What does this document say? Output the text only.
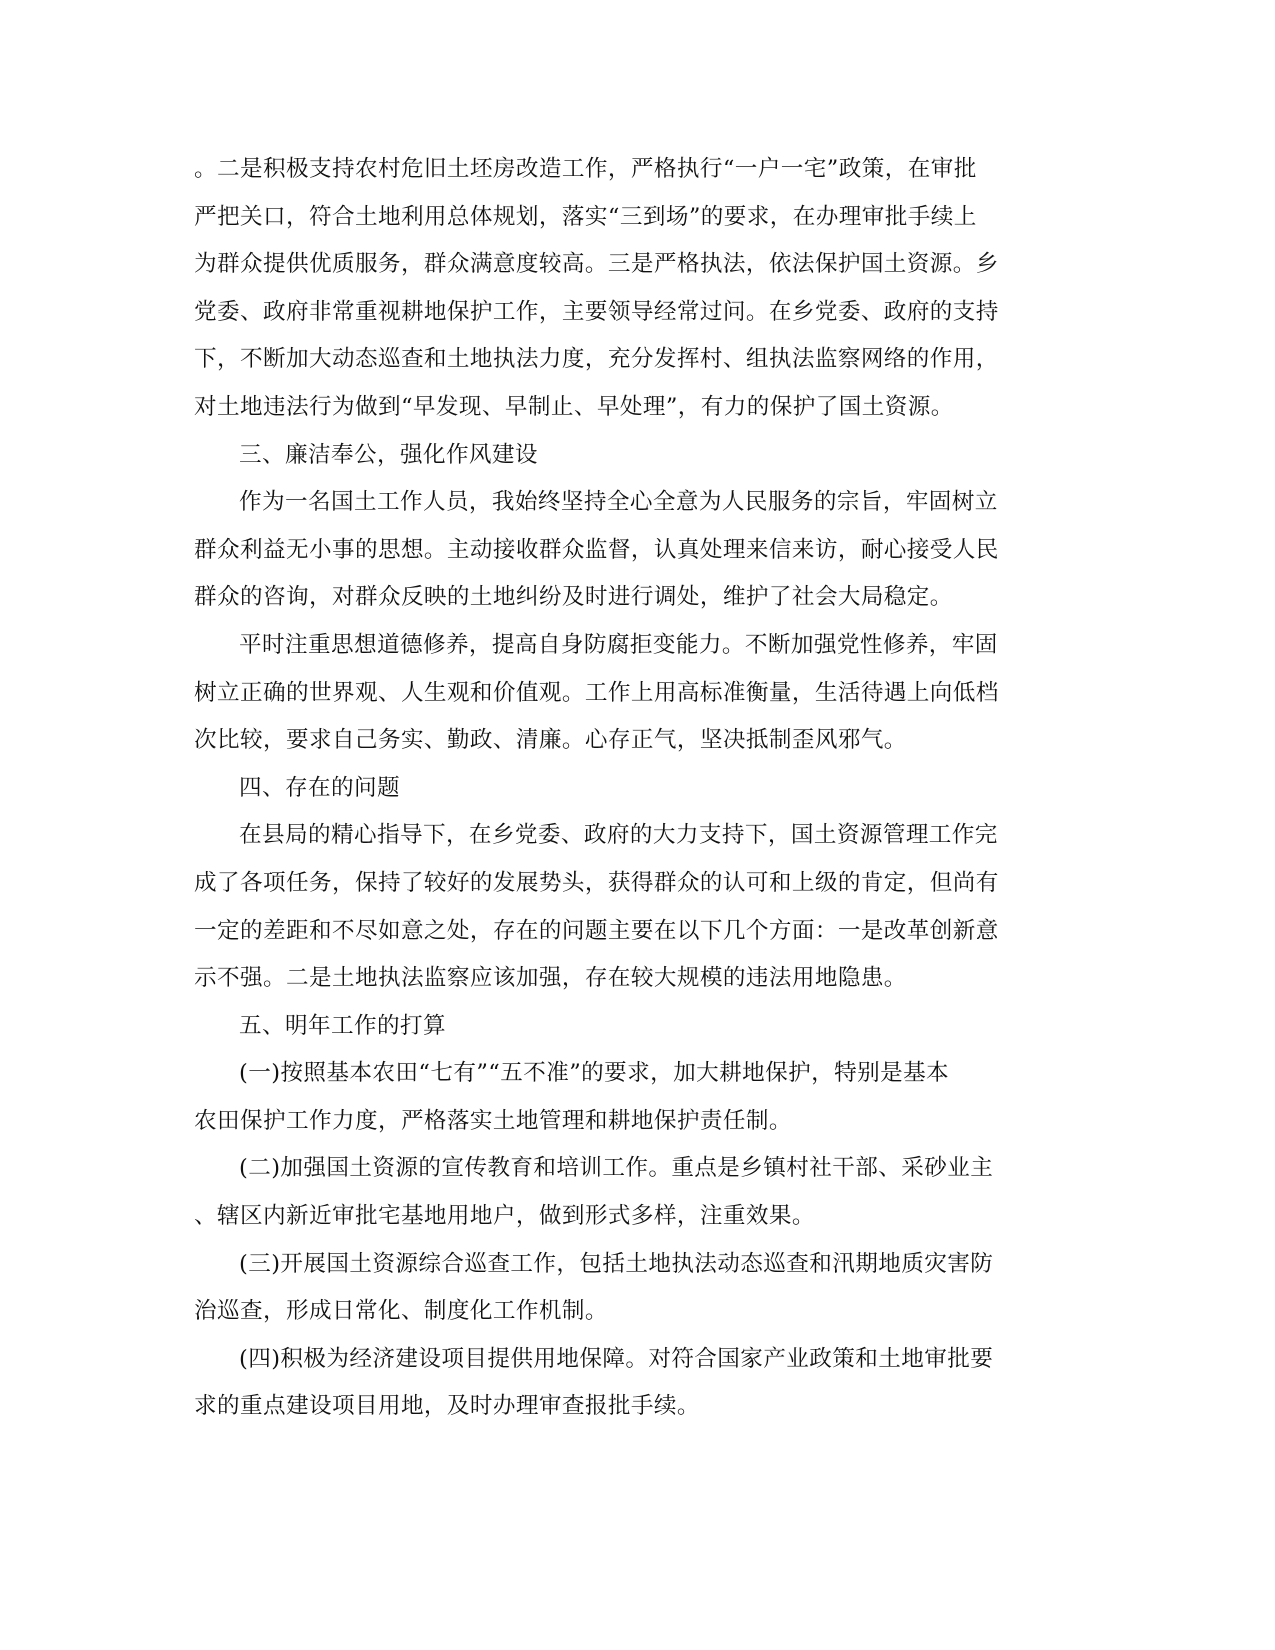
。二是积极支持农村危旧土坯房改造工作，严格执行“一户一宅”政策，在审批

严把关口，符合土地利用总体规划，落实“三到场”的要求，在办理审批手续上

为群众提供优质服务，群众满意度较高。三是严格执法，依法保护国土资源。乡

党委、政府非常重视耕地保护工作，主要领导经常过问。在乡党委、政府的支持

下，不断加大动态巡查和土地执法力度，充分发挥村、组执法监察网络的作用，

对土地违法行为做到“早发现、早制止、早处理”，有力的保护了国土资源。

三、廉洁奉公，强化作风建设

作为一名国土工作人员，我始终坚持全心全意为人民服务的宗旨，牢固树立

群众利益无小事的思想。主动接收群众监督，认真处理来信来访，耐心接受人民

群众的咨询，对群众反映的土地纠纷及时进行调处，维护了社会大局稳定。

平时注重思想道德修养，提高自身防腐拒变能力。不断加强党性修养，牢固

树立正确的世界观、人生观和价值观。工作上用高标准衡量，生活待遇上向低档

次比较，要求自己务实、勤政、清廉。心存正气，坚决抵制歪风邪气。

四、存在的问题

在县局的精心指导下，在乡党委、政府的大力支持下，国土资源管理工作完

成了各项任务，保持了较好的发展势头，获得群众的认可和上级的肯定，但尚有

一定的差距和不尽如意之处，存在的问题主要在以下几个方面：一是改革创新意

示不强。二是土地执法监察应该加强，存在较大规模的违法用地隐患。

五、明年工作的打算

(一)按照基本农田“七有”“五不准”的要求，加大耕地保护，特别是基本

农田保护工作力度，严格落实土地管理和耕地保护责任制。

(二)加强国土资源的宣传教育和培训工作。重点是乡镇村社干部、采砂业主

、辖区内新近审批宅基地用地户，做到形式多样，注重效果。

(三)开展国土资源综合巡查工作，包括土地执法动态巡查和汛期地质灾害防

治巡查，形成日常化、制度化工作机制。

(四)积极为经济建设项目提供用地保障。对符合国家产业政策和土地审批要

求的重点建设项目用地，及时办理审查报批手续。
